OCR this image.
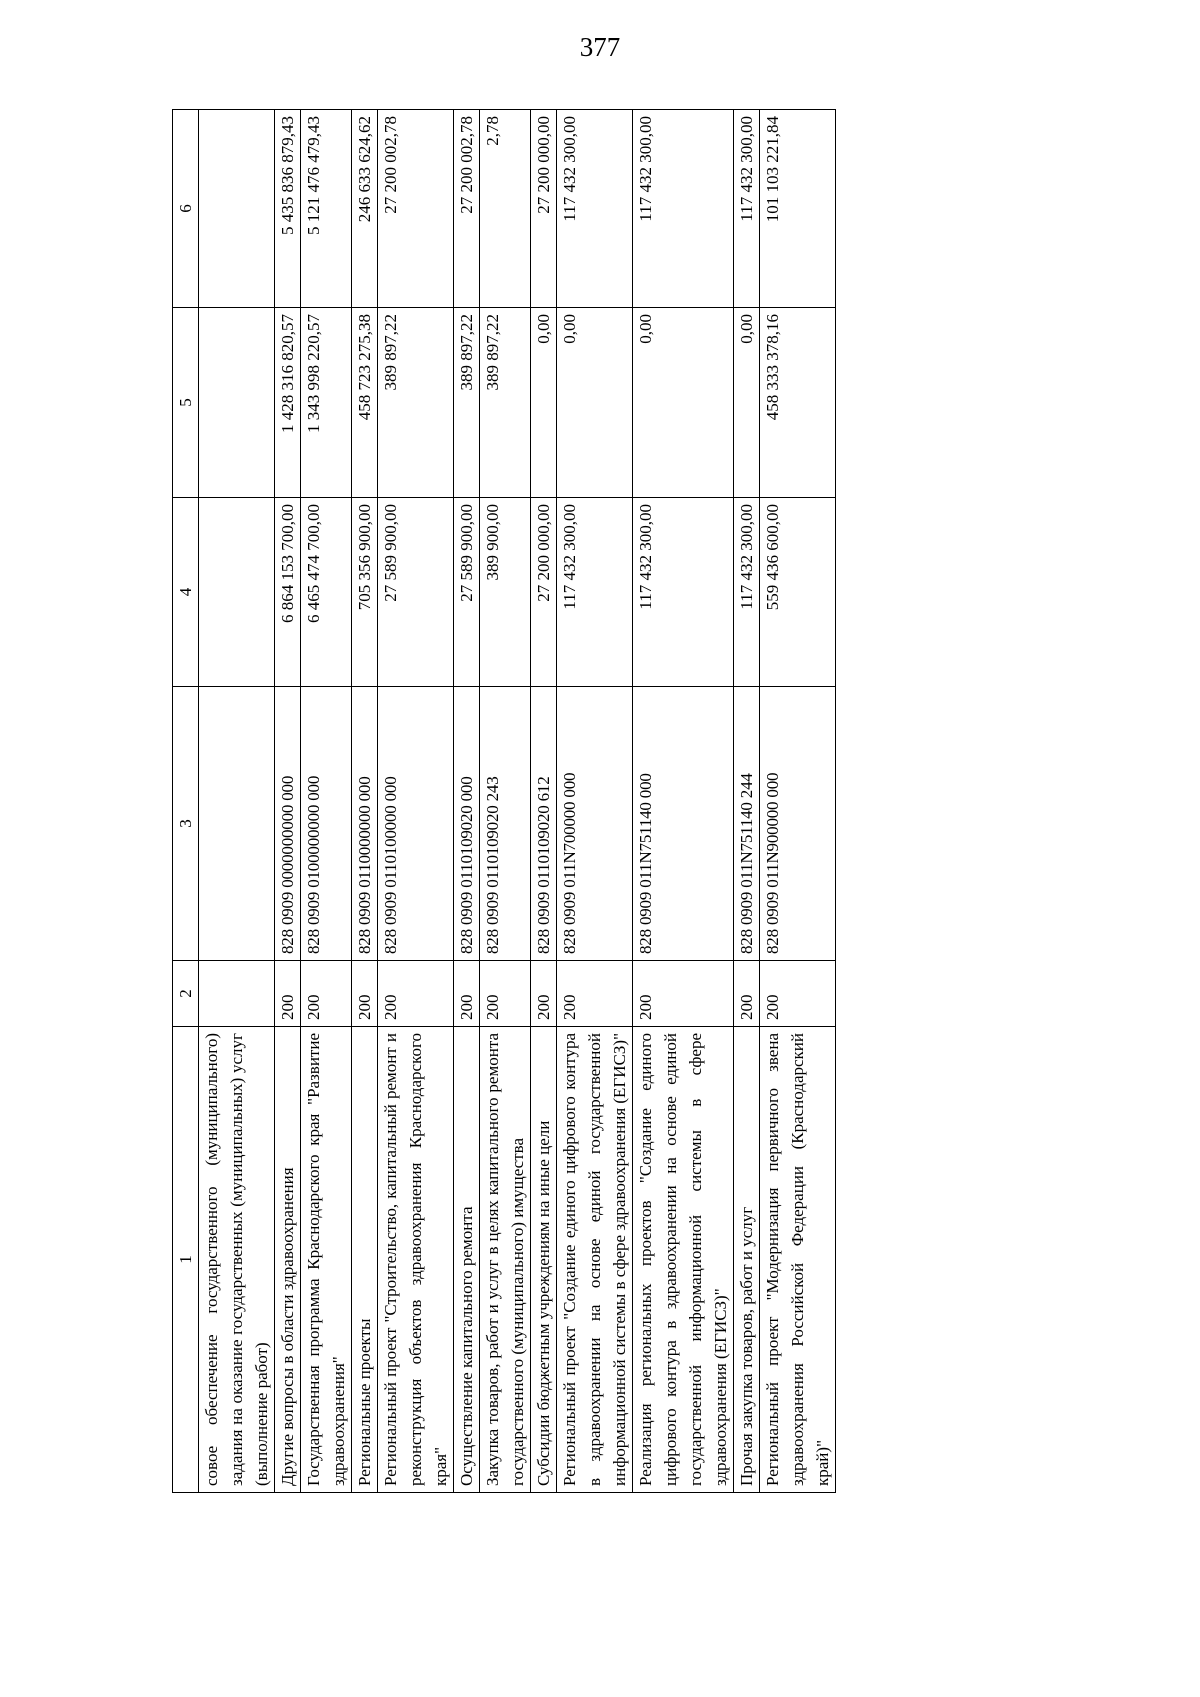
377
1	2	3	4	5	6
совое обеспечение государственного (муниципального) задания на оказание государственных (муниципальных) услуг (выполнение работ)					
Другие вопросы в области здравоохранения	200	828 0909 0000000000 000	6 864 153 700,00	1 428 316 820,57	5 435 836 879,43
Государственная программа Краснодарского края "Развитие здравоохранения"	200	828 0909 0100000000 000	6 465 474 700,00	1 343 998 220,57	5 121 476 479,43
Региональные проекты	200	828 0909 0110000000 000	705 356 900,00	458 723 275,38	246 633 624,62
Региональный проект "Строительство, капитальный ремонт и реконструкция объектов здравоохранения Краснодарского края"	200	828 0909 0110100000 000	27 589 900,00	389 897,22	27 200 002,78
Осуществление капитального ремонта	200	828 0909 0110109020 000	27 589 900,00	389 897,22	27 200 002,78
Закупка товаров, работ и услуг в целях капитального ремонта государственного (муниципального) имущества	200	828 0909 0110109020 243	389 900,00	389 897,22	2,78
Субсидии бюджетным учреждениям на иные цели	200	828 0909 0110109020 612	27 200 000,00	0,00	27 200 000,00
Региональный проект "Создание единого цифрового контура в здравоохранении на основе единой государственной информационной системы в сфере здравоохранения (ЕГИСЗ)"	200	828 0909 011N700000 000	117 432 300,00	0,00	117 432 300,00
Реализация региональных проектов "Создание единого цифрового контура в здравоохранении на основе единой государственной информационной системы в сфере здравоохранения (ЕГИСЗ)"	200	828 0909 011N751140 000	117 432 300,00	0,00	117 432 300,00
Прочая закупка товаров, работ и услуг	200	828 0909 011N751140 244	117 432 300,00	0,00	117 432 300,00
Региональный проект "Модернизация первичного звена здравоохранения Российской Федерации (Краснодарский край)"	200	828 0909 011N900000 000	559 436 600,00	458 333 378,16	101 103 221,84
